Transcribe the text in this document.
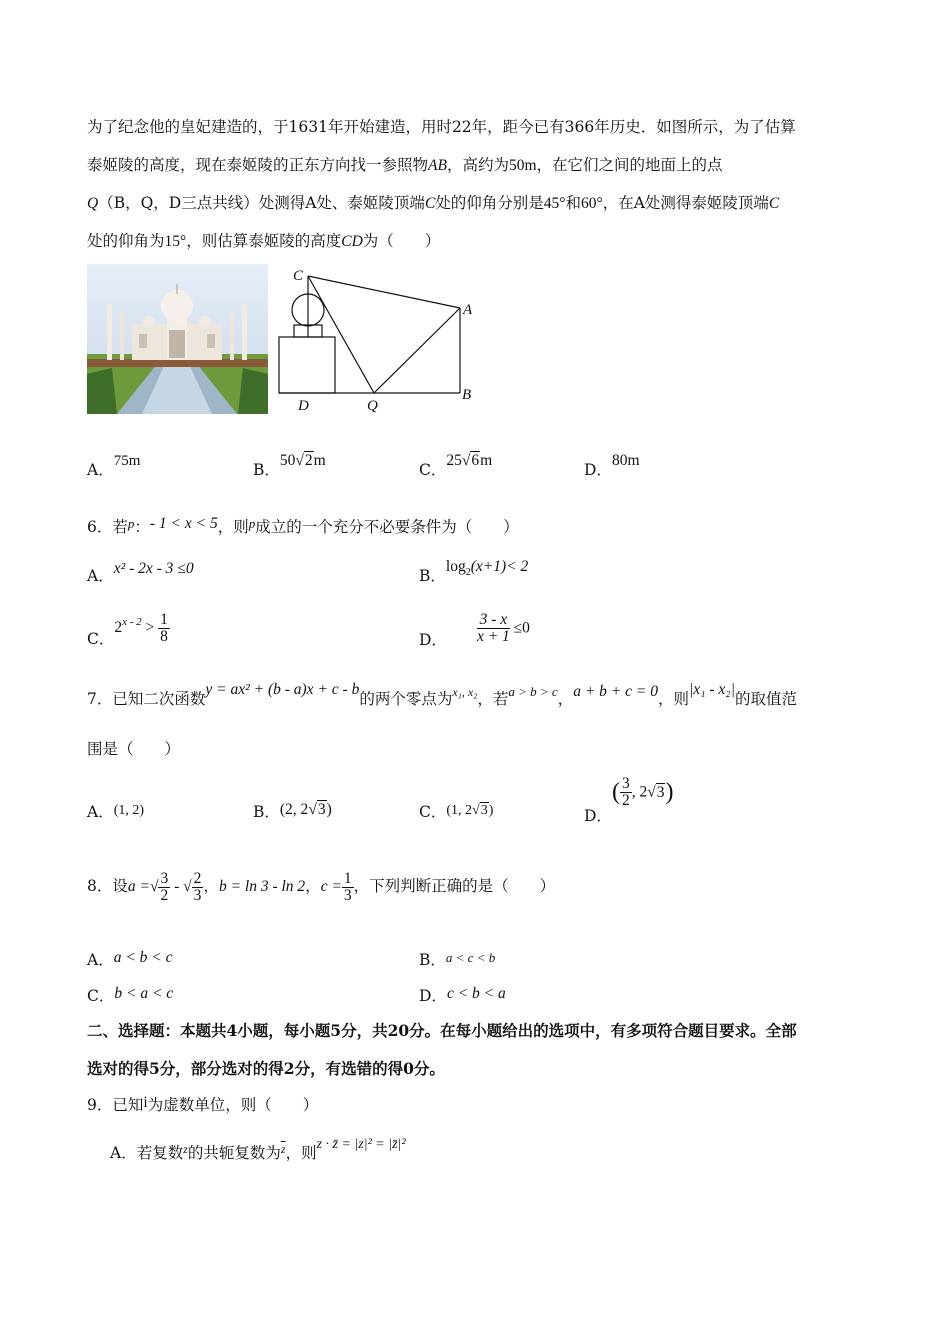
为了纪念他的皇妃建造的，于1631年开始建造，用时22年，距今已有366年历史．如图所示，为了估算
泰姬陵的高度，现在泰姬陵的正东方向找一参照物AB，高约为50m，在它们之间的地面上的点
Q（B，Q，D三点共线）处测得A处、泰姬陵顶端C处的仰角分别是45°和60°，在A处测得泰姬陵顶端C
处的仰角为15°，则估算泰姬陵的高度CD为（　　）
C
A
B
D	Q
A．75m	B．50√2m
C．25√6m
D．80m
6．若$^p$：- 1 < x < 5，则$^p$成立的一个充分不必要条件为（　　）
A．x² - 2x - 3 ≤0	B．$\log_2(x+1)< 2$
C．$2^{x - 2} > \frac{1}{8}$	D． $\frac{3 - x}{x + 1} \le 0$
7．已知二次函数y = ax² + (b - a)x + c - b的两个零点为$^{x_1, x_2}$，若$^{a > b > c}$，a + b + c = 0，则|x₁ - x₂|的取值范
围是（　　）
A．(1, 2)	B．(2, 2√3)	C．(1, 2√3)	D．( $\frac{3}{2}$ , 2√3)
8．设a =√ $\frac{3}{2}$ - √ $\frac{2}{3}$ ，b = ln 3 - ln 2，$c = \frac{1}{3}$ ，下列判断正确的是（　　）
A．a < b < c	B．a < c < b
C．b < a < c	D．c < b < a
二、选择题：本题共4小题，每小题5分，共20分。在每小题给出的选项中，有多项符合题目要求。全部
选对的得5分，部分选对的得2分，有选错的得0分。
9．已知i为虚数单位，则（　　）
A．若复数$^z$的共轭复数为$^{\overline{z}}$，则z · z̄ = |z|² = |z̄|²
